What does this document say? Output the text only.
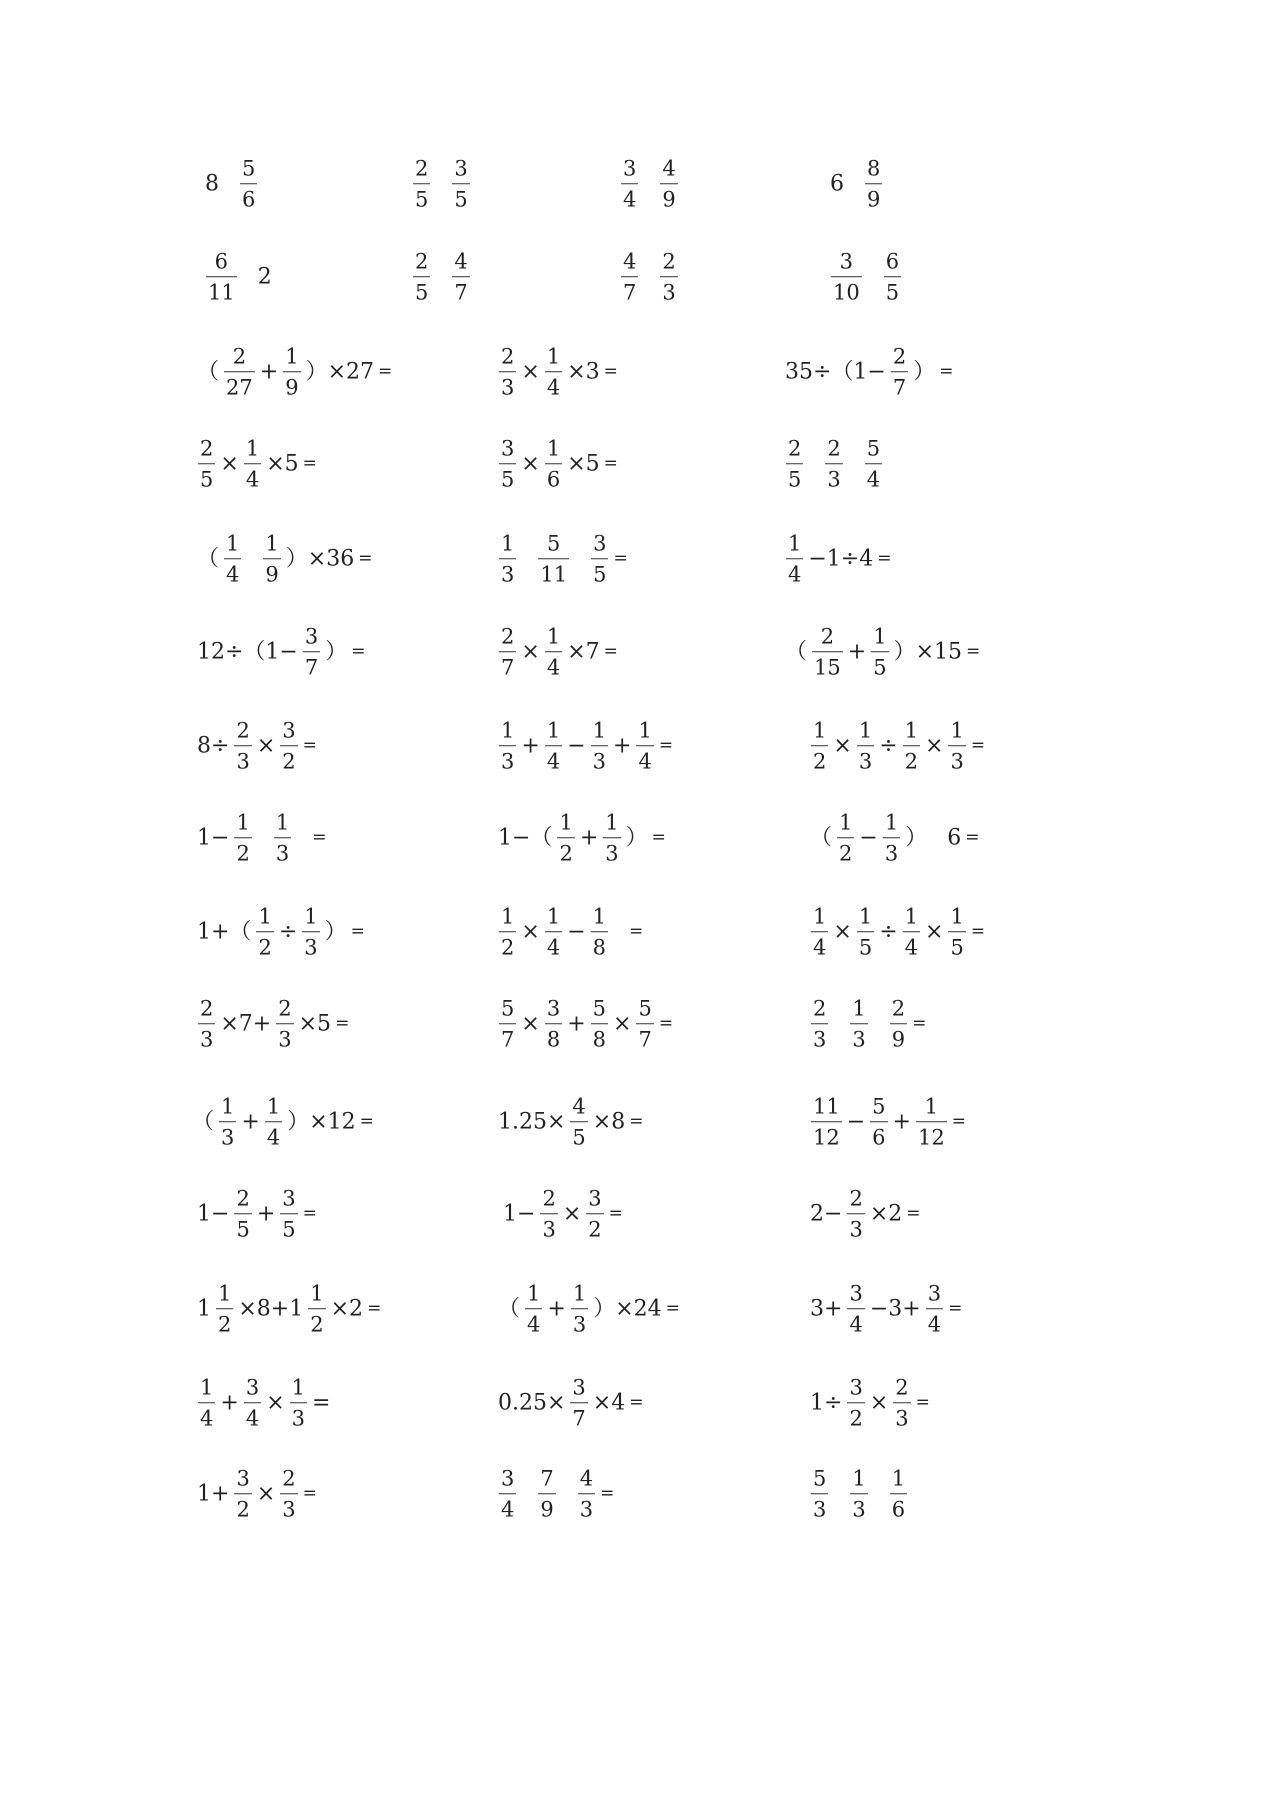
$8 \frac{5}{6}$	$\frac{2}{5} \frac{3}{5}$	$\frac{3}{4} \frac{4}{9}$	$6 \frac{8}{9}$
$\frac{6}{11} 2$	$\frac{2}{5} \frac{4}{7}$	$\frac{4}{7} \frac{2}{3}$	$\frac{3}{10} \frac{6}{5}$
（ $\frac{2}{27} + \frac{1}{9} )\times 27$ =	$\frac{2}{3} \times \frac{1}{4} \times 3$ =	$35\div(1- \frac{2}{7}$ ） =
$\frac{2}{5} \times \frac{1}{4} \times 5$ =	$\frac{3}{5} \times \frac{1}{6} \times 5$ =	$\frac{2}{5} \frac{2}{3} \frac{5}{4}$
（ $\frac{1}{4} \frac{1}{9} )\times 36$ =	$\frac{1}{3} \frac{5}{11} \frac{3}{5}$ =	$\frac{1}{4} -1\div 4$ =
$12\div(1- \frac{3}{7}$ ） =	$\frac{2}{7} \times \frac{1}{4} \times 7$ =	（ $\frac{2}{15} + \frac{1}{5} )\times 15$ =
$8\div \frac{2}{3} \times \frac{3}{2}$ =	$\frac{1}{3} + \frac{1}{4} - \frac{1}{3} + \frac{1}{4}$ =	$\frac{1}{2} \times \frac{1}{3} \div \frac{1}{2} \times \frac{1}{3}$ =
$1- \frac{1}{2} \frac{1}{3}$ =	$1-( \frac{1}{2} + \frac{1}{3}$ ） =	（ $\frac{1}{2} - \frac{1}{3}$ ） 6 =
$1+( \frac{1}{2} \div \frac{1}{3}$ ） =	$\frac{1}{2} \times \frac{1}{4} - \frac{1}{8}$ =	$\frac{1}{4} \times \frac{1}{5} \div \frac{1}{4} \times \frac{1}{5}$ =
$\frac{2}{3} \times 7+ \frac{2}{3} \times 5$ =	$\frac{5}{7} \times \frac{3}{8} + \frac{5}{8} \times \frac{5}{7}$ =	$\frac{2}{3} \frac{1}{3} \frac{2}{9}$ =
（ $\frac{1}{3} + \frac{1}{4} )\times 12$ =	$1.25\times \frac{4}{5} \times 8$ =	$\frac{11}{12} - \frac{5}{6} + \frac{1}{12}$ =
$1- \frac{2}{5} + \frac{3}{5}$ =	$1- \frac{2}{3} \times \frac{3}{2}$ =	$2- \frac{2}{3} \times 2$ =
$1 \frac{1}{2} \times 8+1 \frac{1}{2} \times 2$ =	（ $\frac{1}{4} + \frac{1}{3} )\times 24$ =	$3+ \frac{3}{4} -3+ \frac{3}{4}$ =
$\frac{1}{4} + \frac{3}{4} \times \frac{1}{3}$ =	$0.25\times \frac{3}{7} \times 4$ =	$1\div \frac{3}{2} \times \frac{2}{3}$ =
$1+ \frac{3}{2} \times \frac{2}{3}$ =	$\frac{3}{4} \frac{7}{9} \frac{4}{3}$ =	$\frac{5}{3} \frac{1}{3} \frac{1}{6}$
